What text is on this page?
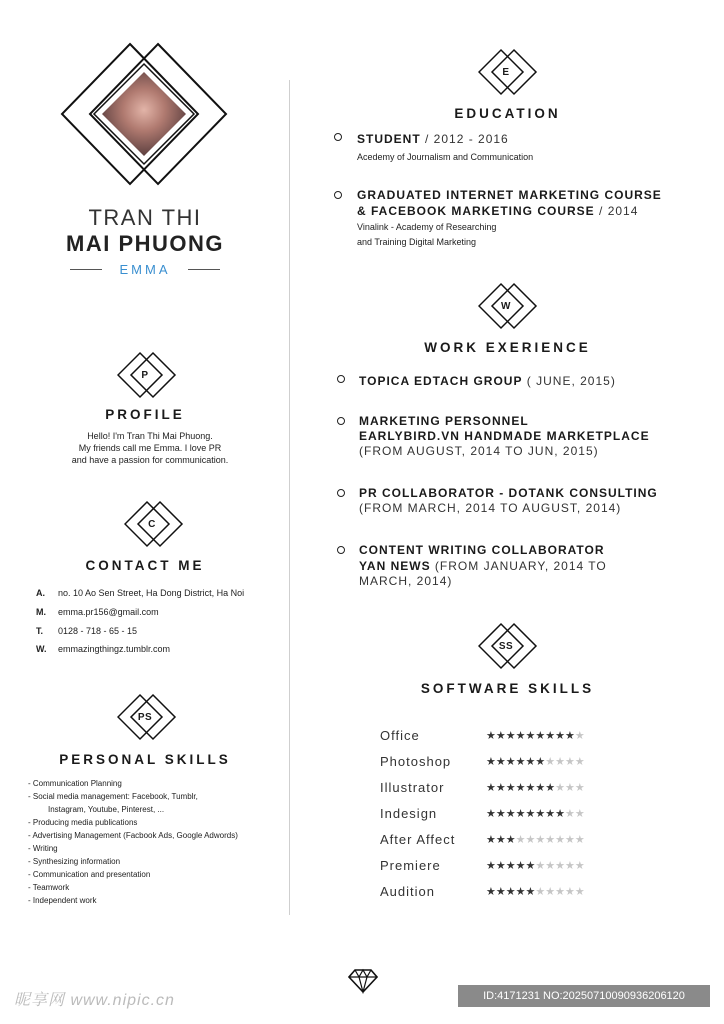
TRAN THI
MAI PHUONG
EMMA
P
PROFILE
Hello! I'm Tran Thi Mai Phuong.
My friends call me Emma. I love PR
and have a passion for communication.
C
CONTACT ME
A. no. 10 Ao Sen Street, Ha Dong District, Ha Noi
M. emma.pr156@gmail.com
T. 0128 - 718 - 65 - 15
W. emmazingthingz.tumblr.com
PS
PERSONAL SKILLS
- Communication Planning
- Social media management: Facebook, Tumblr,
Instagram, Youtube, Pinterest, ...
- Producing media publications
- Advertising Management (Facbook Ads, Google Adwords)
- Writing
- Synthesizing information
- Communication and presentation
- Teamwork
- Independent work
E
EDUCATION
STUDENT / 2012 - 2016
Acedemy of Journalism and Communication
GRADUATED INTERNET MARKETING COURSE
& FACEBOOK MARKETING COURSE / 2014
Vinalink - Academy of Researching
and Training Digital Marketing
W
WORK EXERIENCE
TOPICA EDTACH GROUP ( JUNE, 2015)
MARKETING PERSONNEL
EARLYBIRD.VN HANDMADE MARKETPLACE
(FROM AUGUST, 2014 TO JUN, 2015)
PR COLLABORATOR - DOTANK CONSULTING
(FROM MARCH, 2014 TO AUGUST, 2014)
CONTENT WRITING COLLABORATOR
YAN NEWS (FROM JANUARY, 2014 TO
MARCH, 2014)
SS
SOFTWARE SKILLS
Office	★★★★★★★★★★
Photoshop	★★★★★★★★★★
Illustrator	★★★★★★★★★★
Indesign	★★★★★★★★★★
After Affect	★★★★★★★★★★
Premiere	★★★★★★★★★★
Audition	★★★★★★★★★★
昵享网 www.nipic.cn	ID:4171231 NO:20250710090936206120
